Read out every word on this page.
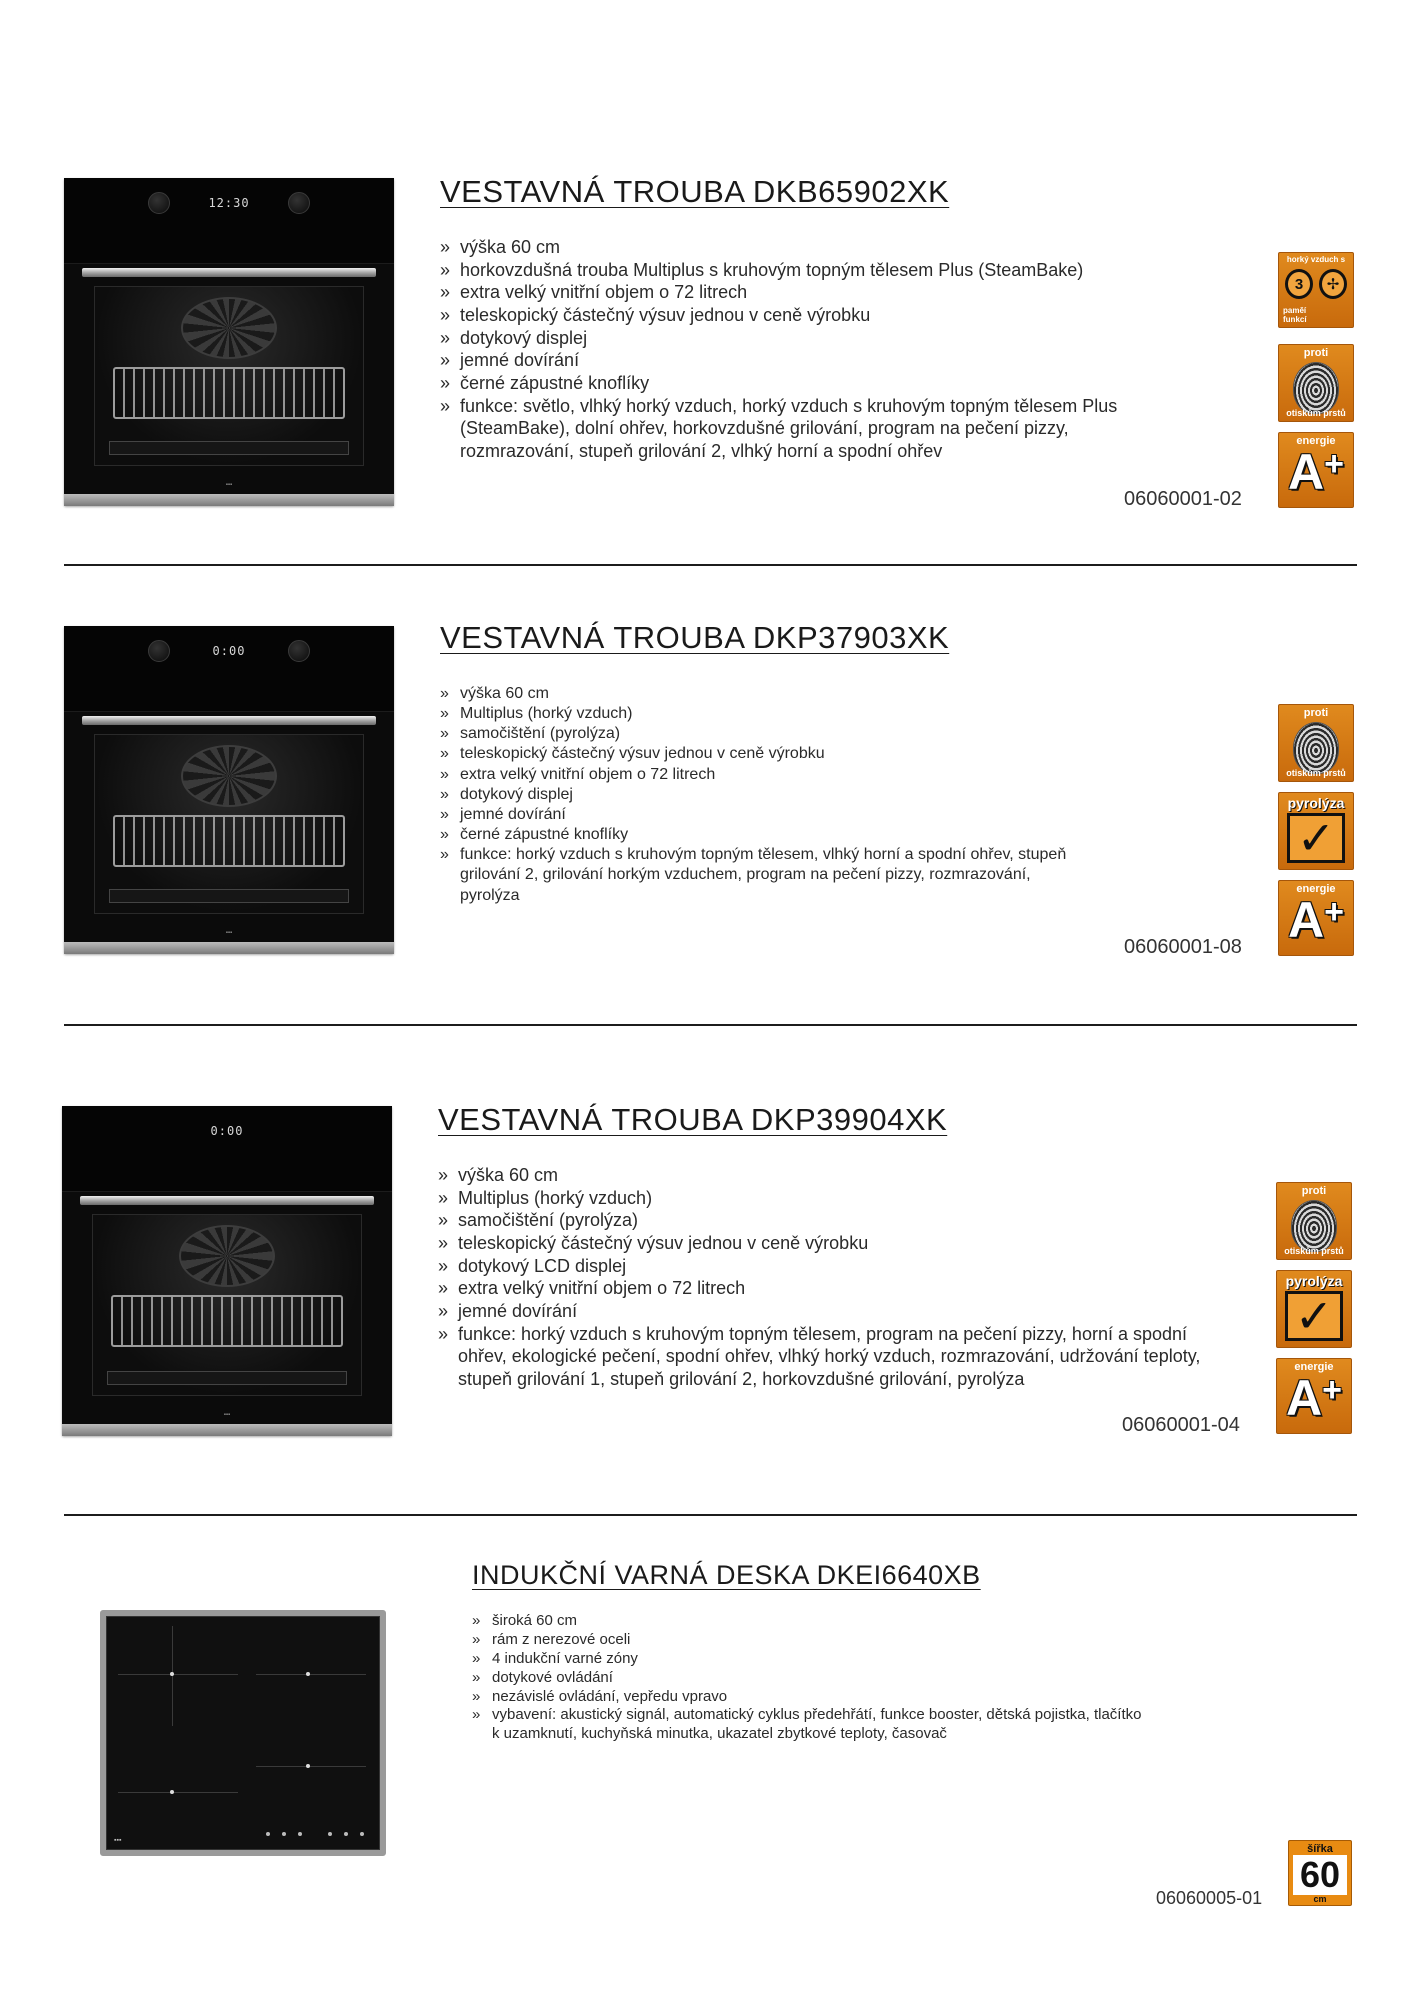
12:30
▪▪▪
VESTAVNÁ TROUBA DKB65902XK
» výška 60 cm
» horkovzdušná trouba Multiplus s kruhovým topným tělesem Plus (SteamBake)
» extra velký vnitřní objem o 72 litrech
» teleskopický částečný výsuv jednou v ceně výrobku
» dotykový displej
» jemné dovírání
» černé zápustné knoflíky
» funkce: světlo, vlhký horký vzduch, horký vzduch s kruhovým topným tělesem Plus (SteamBake), dolní ohřev, horkovzdušné grilování, program na pečení pizzy, rozmrazování, stupeň grilování 2, vlhký horní a spodní ohřev
06060001-02
horký vzduch s
3	✢
paměí
funkcí
proti
otiskům prstů
energie
A+
0:00
▪▪▪
VESTAVNÁ TROUBA DKP37903XK
» výška 60 cm
» Multiplus (horký vzduch)
» samočištění (pyrolýza)
» teleskopický částečný výsuv jednou v ceně výrobku
» extra velký vnitřní objem o 72 litrech
» dotykový displej
» jemné dovírání
» černé zápustné knoflíky
» funkce: horký vzduch s kruhovým topným tělesem, vlhký horní a spodní ohřev, stupeň grilování 2, grilování horkým vzduchem, program na pečení pizzy, rozmrazování, pyrolýza
06060001-08
proti
otiskům prstů
pyrolýza
✓
energie
A+
0:00
▪▪▪
VESTAVNÁ TROUBA DKP39904XK
» výška 60 cm
» Multiplus (horký vzduch)
» samočištění (pyrolýza)
» teleskopický částečný výsuv jednou v ceně výrobku
» dotykový LCD displej
» extra velký vnitřní objem o 72 litrech
» jemné dovírání
» funkce: horký vzduch s kruhovým topným tělesem, program na pečení pizzy, horní a spodní ohřev, ekologické pečení, spodní ohřev, vlhký horký vzduch, rozmrazování, udržování teploty, stupeň grilování 1, stupeň grilování 2, horkovzdušné grilování, pyrolýza
06060001-04
proti
otiskům prstů
pyrolýza
✓
energie
A+
▪▪▪
INDUKČNÍ VARNÁ DESKA DKEI6640XB
» široká 60 cm
» rám z nerezové oceli
» 4 indukční varné zóny
» dotykové ovládání
» nezávislé ovládání, vepředu vpravo
» vybavení: akustický signál, automatický cyklus předehřátí, funkce booster, dětská pojistka, tlačítko k uzamknutí, kuchyňská minutka, ukazatel zbytkové teploty, časovač
06060005-01
šířka
60
cm
